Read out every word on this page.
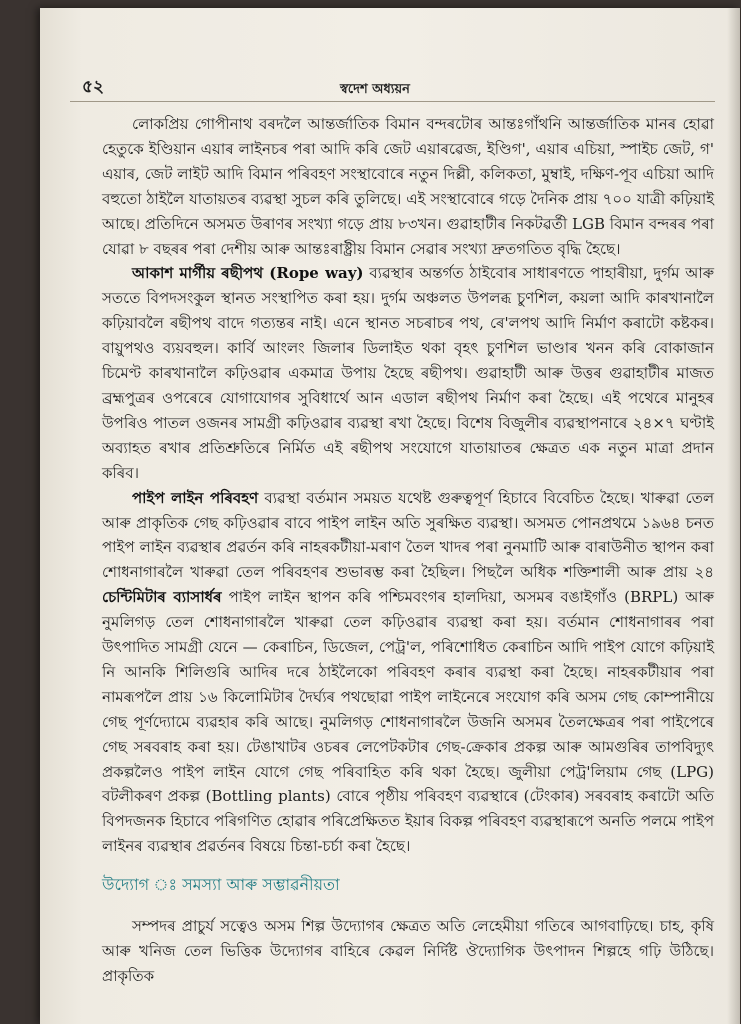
৫২	স্বদেশ অধ্যয়ন

লোকপ্ৰিয় গোপীনাথ বৰদলৈ আন্তৰ্জাতিক বিমান বন্দৰটোৰ আন্তঃগাঁথনি আন্তৰ্জাতিক মানৰ হোৱা হেতুকে ইণ্ডিয়ান এয়াৰ লাইনচৰ পৰা আদি কৰি জেট এয়াৰৱেজ, ইণ্ডিগ', এয়াৰ এচিয়া, স্পাইচ জেট, গ' এয়াৰ, জেট লাইট আদি বিমান পৰিবহণ সংস্থাবোৰে নতুন দিল্লী, কলিকতা, মুম্বাই, দক্ষিণ-পূব এচিয়া আদি বহুতো ঠাইলৈ যাতায়তৰ ব্যৱস্থা সুচল কৰি তুলিছে। এই সংস্থাবোৰে গড়ে দৈনিক প্ৰায় ৭০০ যাত্ৰী কঢ়িয়াই আছে। প্ৰতিদিনে অসমত উৰাণৰ সংখ্যা গড়ে প্ৰায় ৮৩খন। গুৱাহাটীৰ নিকটৱৰ্তী LGB বিমান বন্দৰৰ পৰা যোৱা ৮ বছৰৰ পৰা দেশীয় আৰু আন্তঃৰাষ্ট্ৰীয় বিমান সেৱাৰ সংখ্যা দ্ৰুতগতিত বৃদ্ধি হৈছে।

আকাশ মাৰ্গীয় ৰছীপথ (Rope way) ব্যৱস্থাৰ অন্তৰ্গত ঠাইবোৰ সাধাৰণতে পাহাৰীয়া, দুৰ্গম আৰু সততে বিপদসংকুল স্থানত সংস্থাপিত কৰা হয়। দুৰ্গম অঞ্চলত উপলব্ধ চুণশিল, কয়লা আদি কাৰখানালৈ কঢ়িয়াবলৈ ৰছীপথ বাদে গত্যন্তৰ নাই। এনে স্থানত সচৰাচৰ পথ, ৰে'লপথ আদি নিৰ্মাণ কৰাটো কষ্টকৰ। বায়ুপথও ব্যয়বহুল। কাৰ্বি আংলং জিলাৰ ডিলাইত থকা বৃহৎ চুণশিল ভাণ্ডাৰ খনন কৰি বোকাজান চিমেণ্ট কাৰখানালৈ কঢ়িওৱাৰ একমাত্ৰ উপায় হৈছে ৰছীপথ। গুৱাহাটী আৰু উত্তৰ গুৱাহাটীৰ মাজত ব্ৰহ্মপুত্ৰৰ ওপৰেৰে যোগাযোগৰ সুবিধাৰ্থে আন এডাল ৰছীপথ নিৰ্মাণ কৰা হৈছে। এই পথেৰে মানুহৰ উপৰিও পাতল ওজনৰ সামগ্ৰী কঢ়িওৱাৰ ব্যৱস্থা ৰখা হৈছে। বিশেষ বিজুলীৰ ব্যৱস্থাপনাৰে ২৪×৭ ঘণ্টাই অব্যাহত ৰখাৰ প্ৰতিশ্ৰুতিৰে নিৰ্মিত এই ৰছীপথ সংযোগে যাতায়াতৰ ক্ষেত্ৰত এক নতুন মাত্ৰা প্ৰদান কৰিব।

পাইপ লাইন পৰিবহণ ব্যৱস্থা বৰ্তমান সময়ত যথেষ্ট গুৰুত্বপূৰ্ণ হিচাবে বিবেচিত হৈছে। খাৰুৱা তেল আৰু প্ৰাকৃতিক গেছ কঢ়িওৱাৰ বাবে পাইপ লাইন অতি সুৰক্ষিত ব্যৱস্থা। অসমত পোনপ্ৰথমে ১৯৬৪ চনত পাইপ লাইন ব্যৱস্থাৰ প্ৰৱৰ্তন কৰি নাহৰকটীয়া-মৰাণ তৈল খাদৰ পৰা নুনমাটি আৰু বাৰাউনীত স্থাপন কৰা শোধনাগাৰলৈ খাৰুৱা তেল পৰিবহণৰ শুভাৰম্ভ কৰা হৈছিল। পিছলৈ অধিক শক্তিশালী আৰু প্ৰায় ২৪ চেন্টিমিটাৰ ব্যাসাৰ্ধৰ পাইপ লাইন স্থাপন কৰি পশ্চিমবংগৰ হালদিয়া, অসমৰ বঙাইগাঁও (BRPL) আৰু নুমলিগড় তেল শোধনাগাৰলৈ খাৰুৱা তেল কঢ়িওৱাৰ ব্যৱস্থা কৰা হয়। বৰ্তমান শোধনাগাৰৰ পৰা উৎপাদিত সামগ্ৰী যেনে — কেৰাচিন, ডিজেল, পেট্ৰ'ল, পৰিশোধিত কেৰাচিন আদি পাইপ যোগে কঢ়িয়াই নি আনকি শিলিগুৰি আদিৰ দৰে ঠাইলৈকো পৰিবহণ কৰাৰ ব্যৱস্থা কৰা হৈছে। নাহৰকটীয়াৰ পৰা নামৰূপলৈ প্ৰায় ১৬ কিলোমিটাৰ দৈৰ্ঘ্যৰ পথছোৱা পাইপ লাইনেৰে সংযোগ কৰি অসম গেছ কোম্পানীয়ে গেছ পূৰ্ণদ্যোমে ব্যৱহাৰ কৰি আছে। নুমলিগড় শোধনাগাৰলৈ উজনি অসমৰ তৈলক্ষেত্ৰৰ পৰা পাইপেৰে গেছ সৰবৰাহ কৰা হয়। টেঙাখাটৰ ওচৰৰ লেপেটকটাৰ গেছ-ক্ৰেকাৰ প্ৰকল্প আৰু আমগুৰিৰ তাপবিদ্যুৎ প্ৰকল্পলৈও পাইপ লাইন যোগে গেছ পৰিবাহিত কৰি থকা হৈছে। জুলীয়া পেট্ৰ'লিয়াম গেছ (LPG) বটলীকৰণ প্ৰকল্প (Bottling plants) বোৰে পৃষ্ঠীয় পৰিবহণ ব্যৱস্থাৰে (টেংকাৰ) সৰবৰাহ কৰাটো অতি বিপদজনক হিচাবে পৰিগণিত হোৱাৰ পৰিপ্ৰেক্ষিতত ইয়াৰ বিকল্প পৰিবহণ ব্যৱস্থাৰূপে অনতি পলমে পাইপ লাইনৰ ব্যৱস্থাৰ প্ৰৱৰ্তনৰ বিষয়ে চিন্তা-চৰ্চা কৰা হৈছে।

উদ্যোগ ঃ সমস্যা আৰু সম্ভাৱনীয়তা

সম্পদৰ প্ৰাচুৰ্য সত্বেও অসম শিল্প উদ্যোগৰ ক্ষেত্ৰত অতি লেহেমীয়া গতিৰে আগবাঢ়িছে। চাহ, কৃষি আৰু খনিজ তেল ভিত্তিক উদ্যোগৰ বাহিৰে কেৱল নিৰ্দিষ্ট ঔদ্যোগিক উৎপাদন শিল্পহে গঢ়ি উঠিছে। প্ৰাকৃতিক
